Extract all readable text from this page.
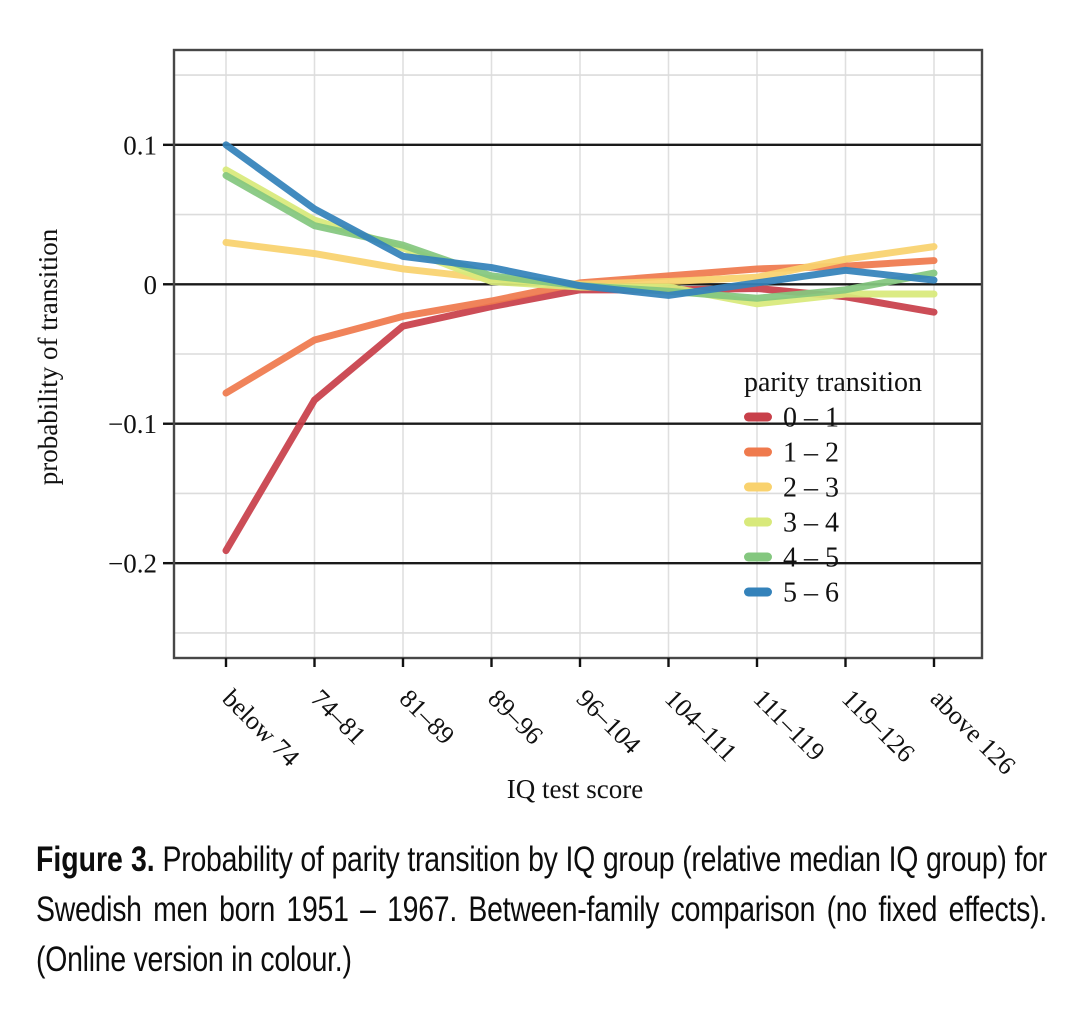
0.1
0
−0.1
−0.2
below 74 74–81 81–89 89–96 96–104 104–111 111–119 119–126 above 126
IQ test score
probability of transition	parity transition
0 – 1
1 – 2
2 – 3
3 – 4
4 – 5
5 – 6
Figure 3. Probability of parity transition by IQ group (relative median IQ group) for Swedish men born 1951 – 1967. Between-family comparison (no fixed effects). (Online version in colour.)
